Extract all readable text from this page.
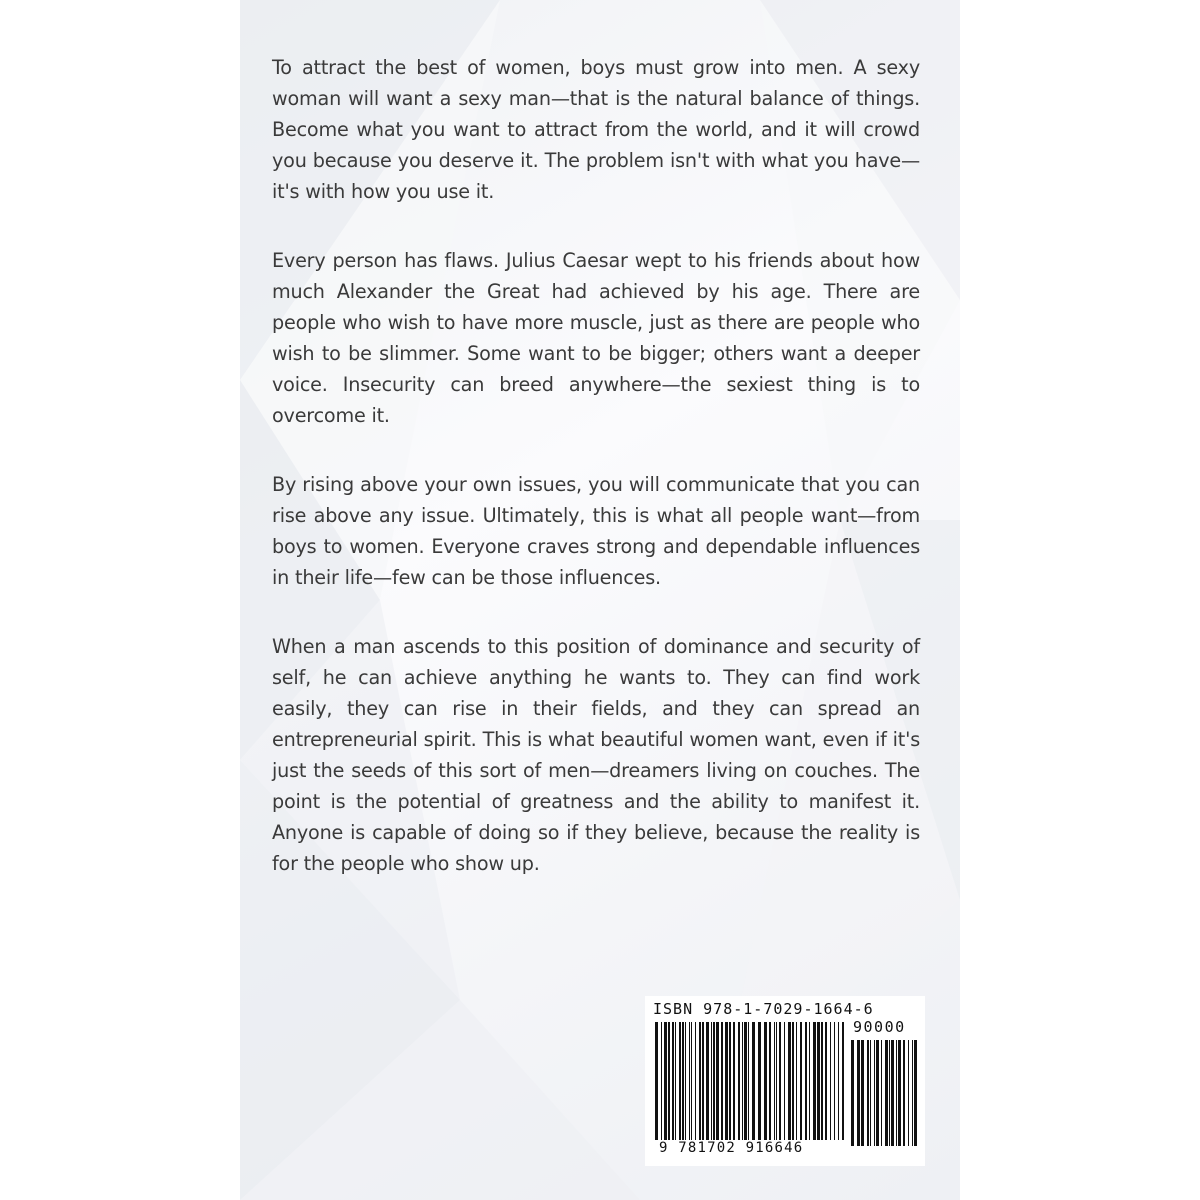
To attract the best of women, boys must grow into men. A sexy woman will want a sexy man—that is the natural balance of things. Become what you want to attract from the world, and it will crowd you because you deserve it. The problem isn't with what you have—it's with how you use it.

Every person has flaws. Julius Caesar wept to his friends about how much Alexander the Great had achieved by his age. There are people who wish to have more muscle, just as there are people who wish to be slimmer. Some want to be bigger; others want a deeper voice. Insecurity can breed anywhere—the sexiest thing is to overcome it.

By rising above your own issues, you will communicate that you can rise above any issue. Ultimately, this is what all people want—from boys to women. Everyone craves strong and dependable influences in their life—few can be those influences.

When a man ascends to this position of dominance and security of self, he can achieve anything he wants to. They can find work easily, they can rise in their fields, and they can spread an entrepreneurial spirit. This is what beautiful women want, even if it's just the seeds of this sort of men—dreamers living on couches. The point is the potential of greatness and the ability to manifest it. Anyone is capable of doing so if they believe, because the reality is for the people who show up.

ISBN 978-1-7029-1664-6
90000
9 781702 916646
